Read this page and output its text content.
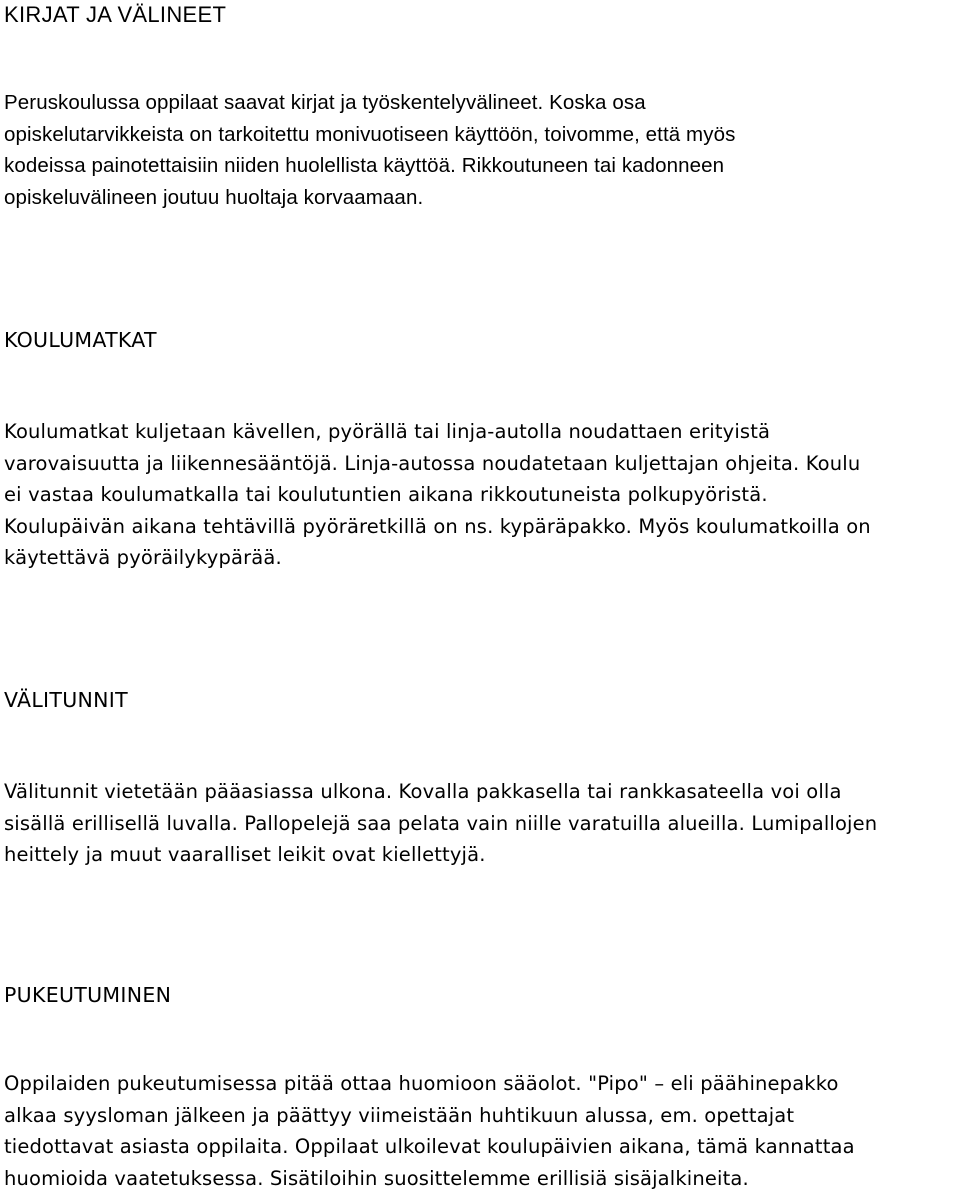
KIRJAT JA VÄLINEET

Peruskoulussa oppilaat saavat kirjat ja työskentelyvälineet. Koska osa
opiskelutarvikkeista on tarkoitettu monivuotiseen käyttöön, toivomme, että myös
kodeissa painotettaisiin niiden huolellista käyttöä. Rikkoutuneen tai kadonneen
opiskeluvälineen joutuu huoltaja korvaamaan.

KOULUMATKAT

Koulumatkat kuljetaan kävellen, pyörällä tai linja-autolla noudattaen erityistä
varovaisuutta ja liikennesääntöjä. Linja-autossa noudatetaan kuljettajan ohjeita. Koulu
ei vastaa koulumatkalla tai koulutuntien aikana rikkoutuneista polkupyöristä.
Koulupäivän aikana tehtävillä pyöräretkillä on ns. kypäräpakko. Myös koulumatkoilla on
käytettävä pyöräilykypärää.

VÄLITUNNIT

Välitunnit vietetään pääasiassa ulkona. Kovalla pakkasella tai rankkasateella voi olla
sisällä erillisellä luvalla. Pallopelejä saa pelata vain niille varatuilla alueilla. Lumipallojen
heittely ja muut vaaralliset leikit ovat kiellettyjä.

PUKEUTUMINEN

Oppilaiden pukeutumisessa pitää ottaa huomioon sääolot. "Pipo" – eli päähinepakko
alkaa syysloman jälkeen ja päättyy viimeistään huhtikuun alussa, em. opettajat
tiedottavat asiasta oppilaita. Oppilaat ulkoilevat koulupäivien aikana, tämä kannattaa
huomioida vaatetuksessa. Sisätiloihin suosittelemme erillisiä sisäjalkineita.
